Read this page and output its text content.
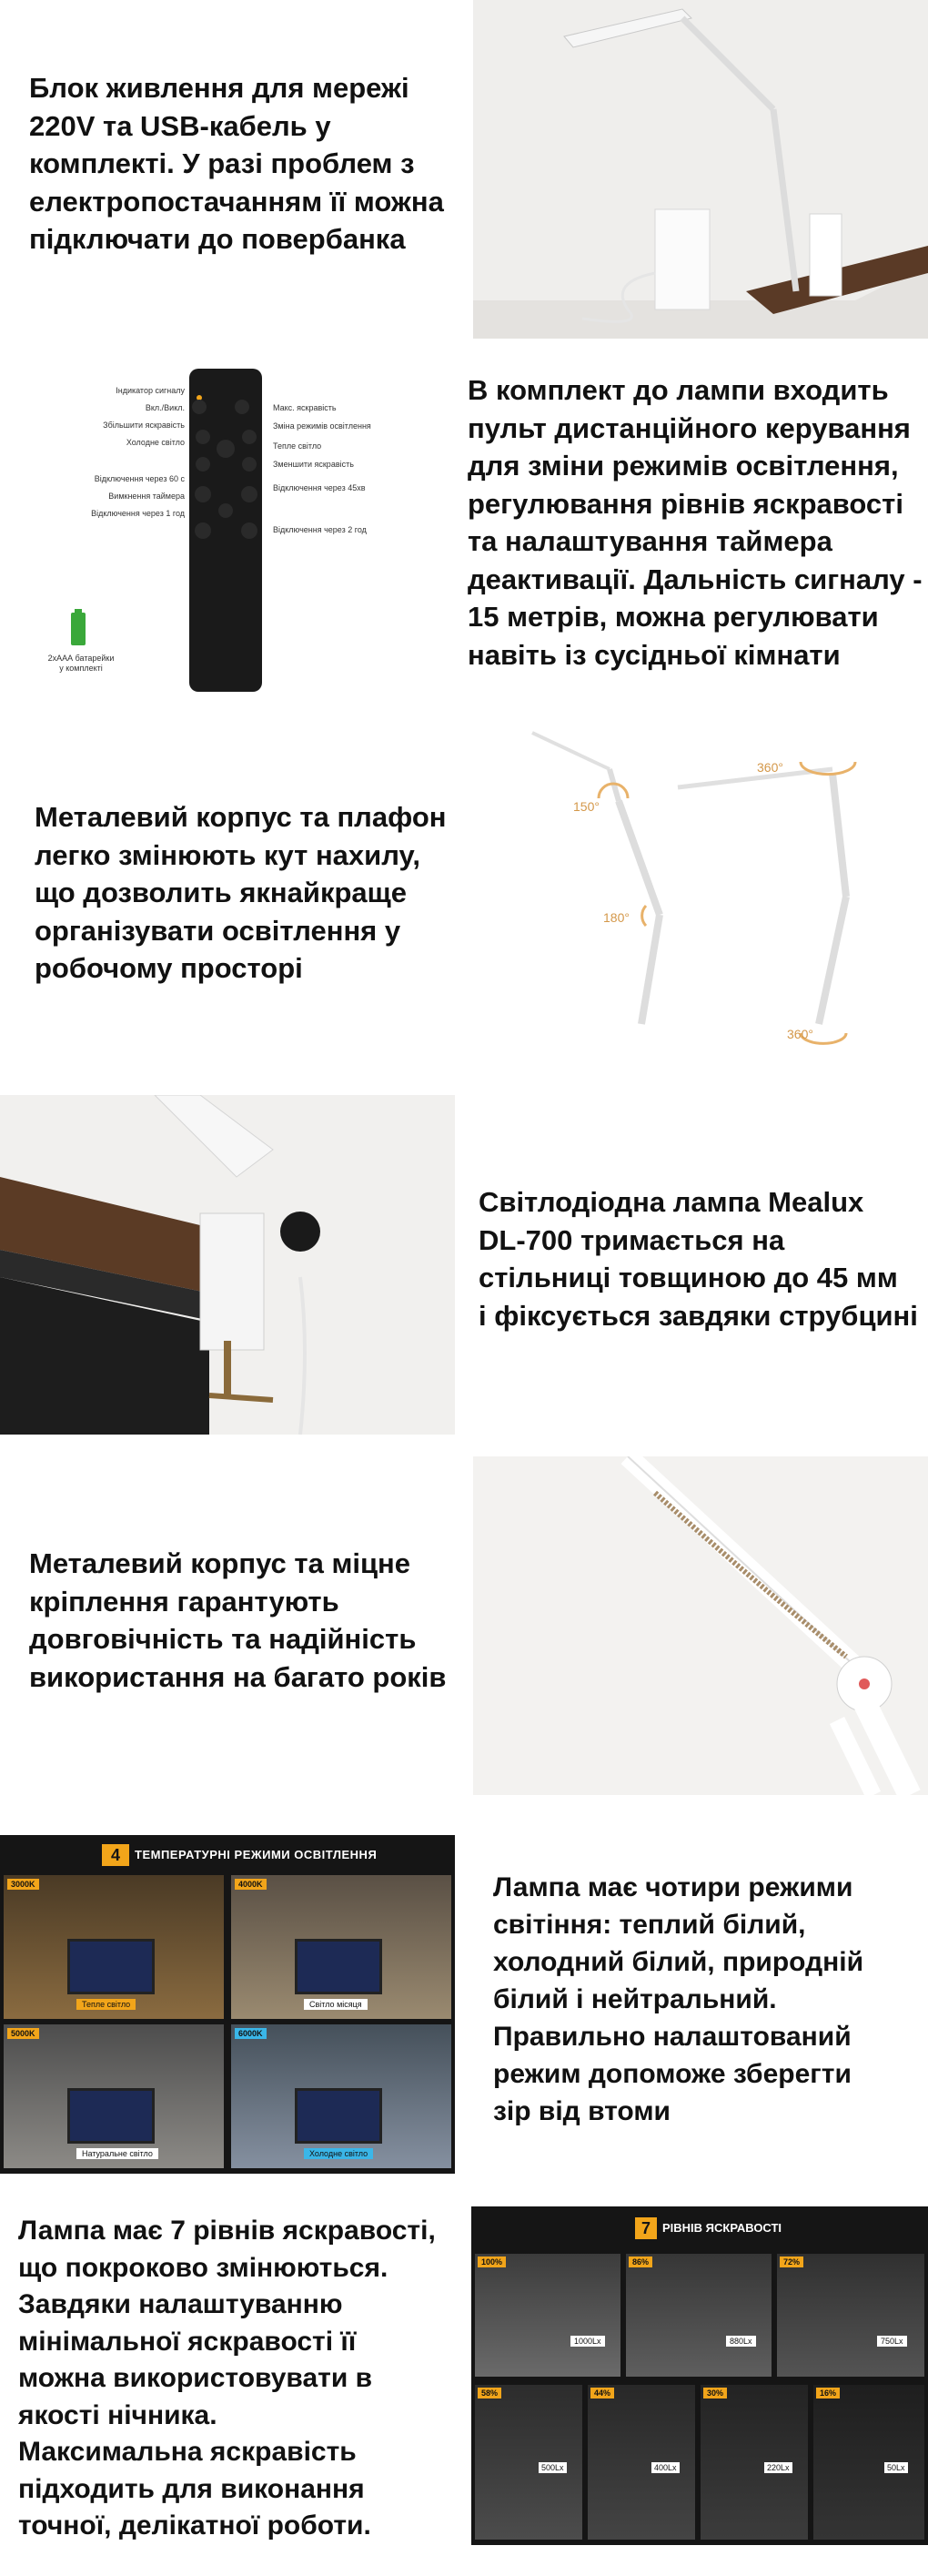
Блок живлення для мережі
220V та USB-кабель у
комплекті. У разі проблем з
електропостачанням її можна
підключати до повербанка
Індикатор сигналу
Вкл./Викл.
Збільшити яскравість
Холодне світло
Відключення через 60 с
Вимкнення таймера
Відключення через 1 год
Макс. яскравість
Зміна режимів освітлення
Тепле світло
Зменшити яскравість
Відключення через 45хв
Відключення через 2 год
2хААА батарейки
у комплекті
В комплект до лампи входить
пульт дистанційного керування
для зміни режимів освітлення,
регулювання рівнів яскравості
та налаштування таймера
деактивації. Дальність сигналу -
15 метрів, можна регулювати
навіть із сусідньої кімнати
Металевий корпус та плафон
легко змінюють кут нахилу,
що дозволить якнайкраще
організувати освітлення у
робочому просторі
150°
180°
360°
360°
Світлодіодна лампа Mealux
DL-700 тримається на
стільниці товщиною до 45 мм
і фіксується завдяки струбцині
Металевий корпус та міцне
кріплення гарантують
довговічність та надійність
використання на багато років
4	ТЕМПЕРАТУРНІ РЕЖИМИ ОСВІТЛЕННЯ
3000K
Тепле світло
4000K
Світло місяця
5000K
Натуральне світло
6000K
Холодне світло
Лампа має чотири режими
світіння: теплий білий,
холодний білий, природній
білий і нейтральний.
Правильно налаштований
режим допоможе зберегти
зір від втоми
Лампа має 7 рівнів яскравості,
що покроково змінюються.
Завдяки налаштуванню
мінімальної яскравості її
можна використовувати в
якості нічника.
Максимальна яскравість
підходить для виконання
точної, делікатної роботи.
7	РІВНІВ ЯСКРАВОСТІ
100%
1000Lx
86%
880Lx
72%
750Lx
58%
500Lx
44%
400Lx
30%
220Lx
16%
50Lx
